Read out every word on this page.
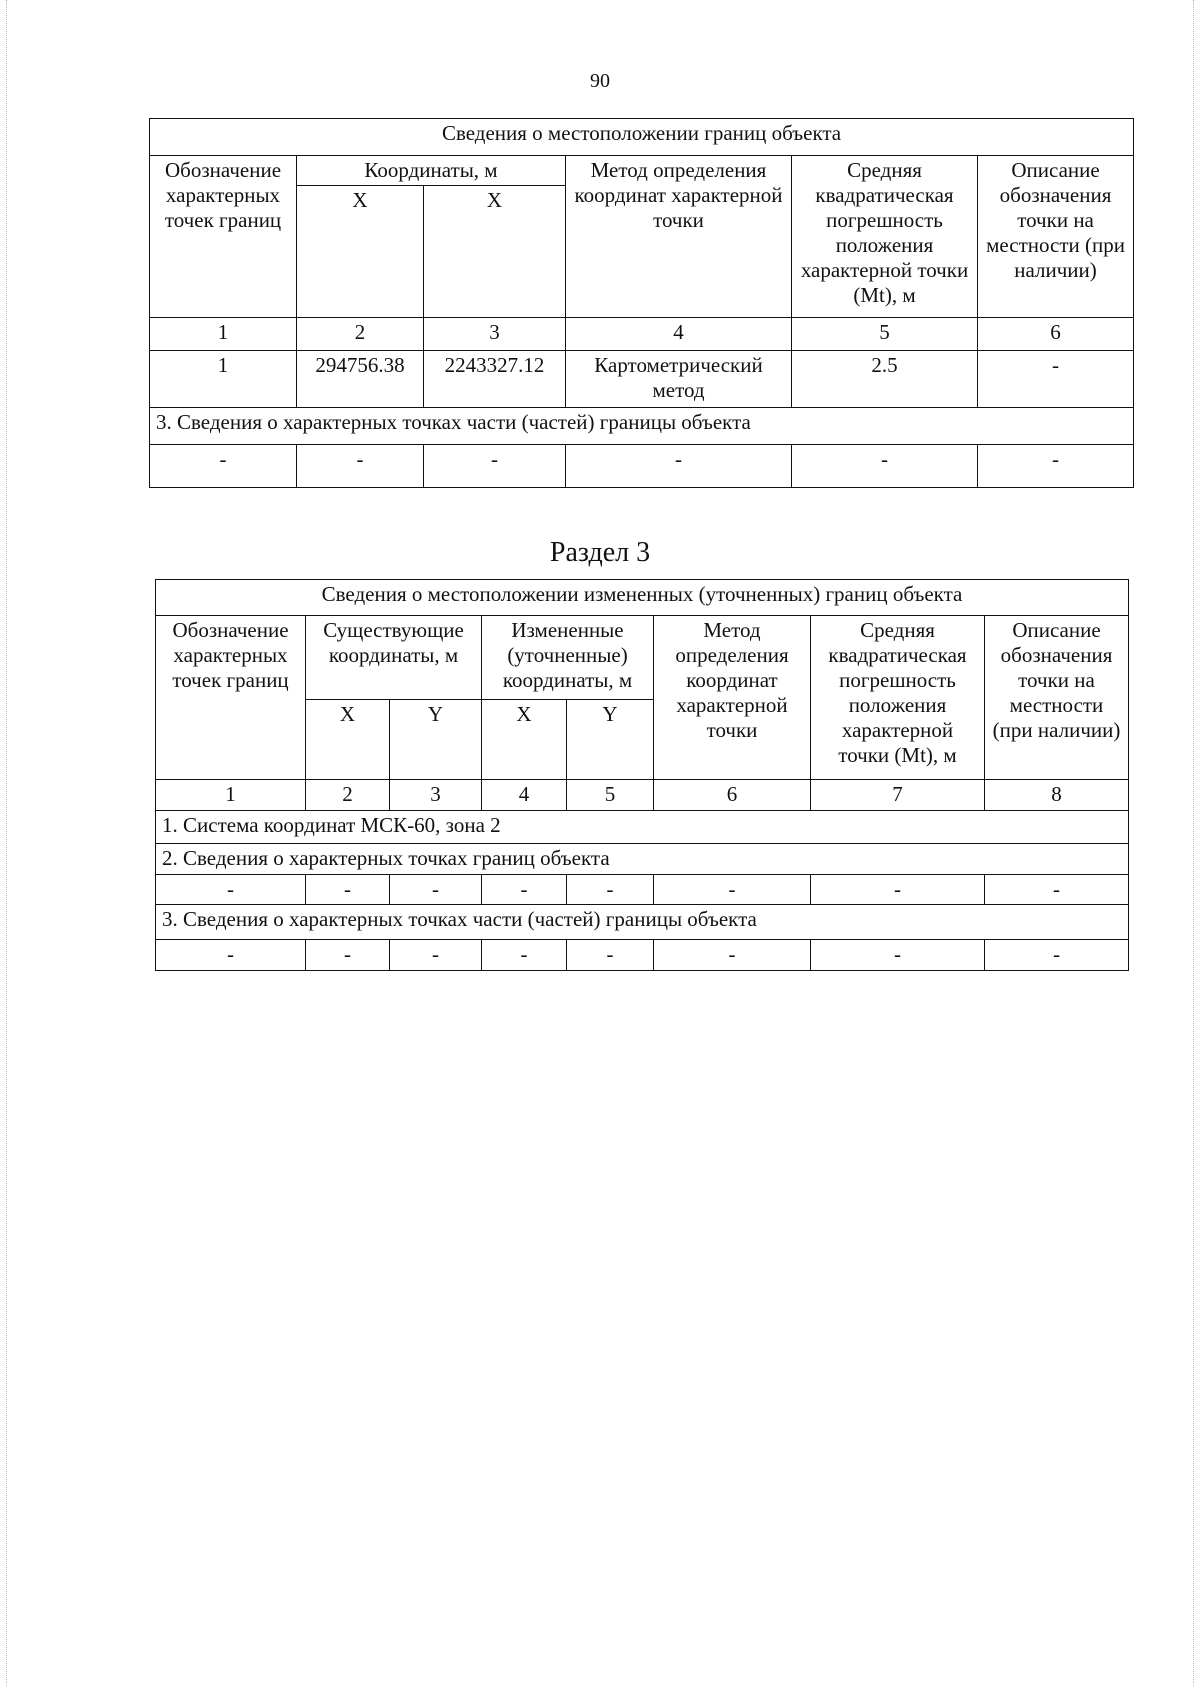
90
Сведения о местоположении границ объекта					
Обозначение характерных точек границ	Координаты, м		Метод определения координат характерной точки	Средняя квадратическая погрешность положения характерной точки (Mt), м	Описание обозначения точки на местности (при наличии)
	X	X			
1	2	3	4	5	6
1	294756.38	2243327.12	Картометрический метод	2.5	-
3. Сведения о характерных точках части (частей) границы объекта					
-	-	-	-	-	-
Раздел 3
Сведения о местоположении измененных (уточненных) границ объекта							
Обозначение характерных точек границ	Существующие координаты, м		Измененные (уточненные) координаты, м		Метод определения координат характерной точки	Средняя квадратическая погрешность положения характерной точки (Mt), м	Описание обозначения точки на местности (при наличии)
	X	Y	X	Y			
1	2	3	4	5	6	7	8
1. Система координат МСК-60, зона 2							
2. Сведения о характерных точках границ объекта							
-	-	-	-	-	-	-	-
3. Сведения о характерных точках части (частей) границы объекта							
-	-	-	-	-	-	-	-
